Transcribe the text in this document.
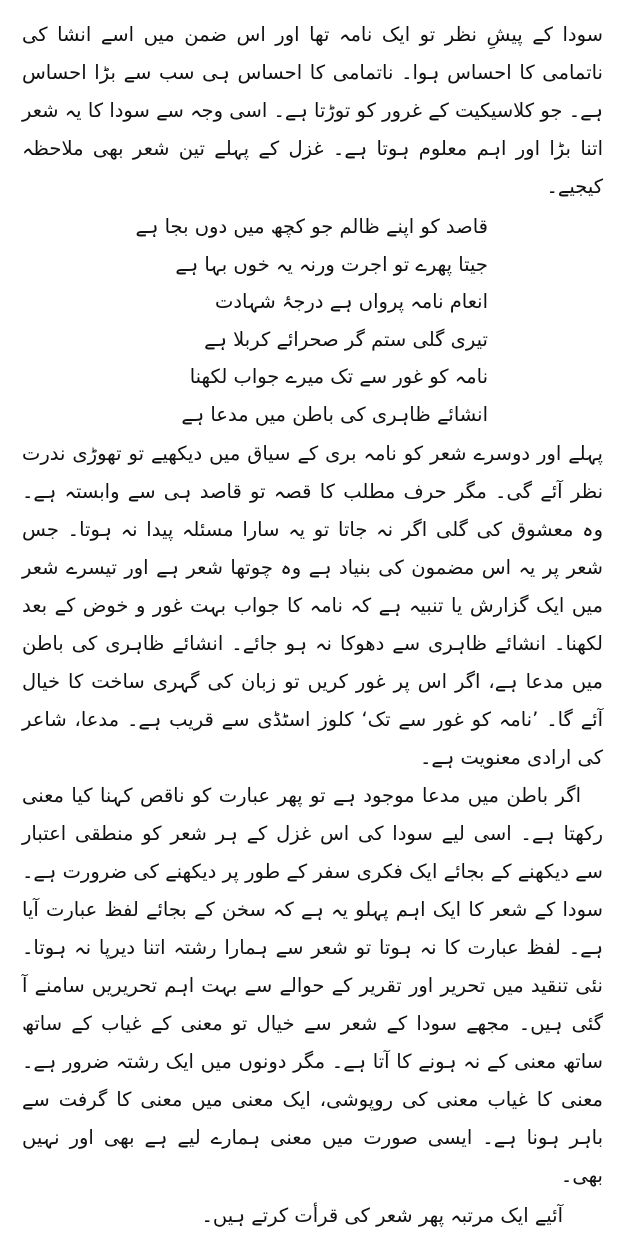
سودا کے پیشِ نظر تو ایک نامہ تھا اور اس ضمن میں اسے انشا کی ناتمامی کا احساس ہوا۔ ناتمامی کا احساس ہی سب سے بڑا احساس ہے۔ جو کلاسیکیت کے غرور کو توڑتا ہے۔ اسی وجہ سے سودا کا یہ شعر اتنا بڑا اور اہم معلوم ہوتا ہے۔ غزل کے پہلے تین شعر بھی ملاحظہ کیجیے۔

قاصد کو اپنے ظالم جو کچھ میں دوں بجا ہے
جیتا پھرے تو اجرت ورنہ یہ خوں بہا ہے
انعام نامہ پرواں ہے درجۂ شہادت
تیری گلی ستم گر صحرائے کربلا ہے
نامہ کو غور سے تک میرے جواب لکھنا
انشائے ظاہری کی باطن میں مدعا ہے

پہلے اور دوسرے شعر کو نامہ بری کے سیاق میں دیکھیے تو تھوڑی ندرت نظر آئے گی۔ مگر حرف مطلب کا قصہ تو قاصد ہی سے وابستہ ہے۔ وہ معشوق کی گلی اگر نہ جاتا تو یہ سارا مسئلہ پیدا نہ ہوتا۔ جس شعر پر یہ اس مضمون کی بنیاد ہے وہ چوتھا شعر ہے اور تیسرے شعر میں ایک گزارش یا تنبیہ ہے کہ نامہ کا جواب بہت غور و خوض کے بعد لکھنا۔ انشائے ظاہری سے دھوکا نہ ہو جائے۔ انشائے ظاہری کی باطن میں مدعا ہے، اگر اس پر غور کریں تو زبان کی گہری ساخت کا خیال آئے گا۔ ’نامہ کو غور سے تک‘ کلوز اسٹڈی سے قریب ہے۔ مدعا، شاعر کی ارادی معنویت ہے۔

اگر باطن میں مدعا موجود ہے تو پھر عبارت کو ناقص کہنا کیا معنی رکھتا ہے۔ اسی لیے سودا کی اس غزل کے ہر شعر کو منطقی اعتبار سے دیکھنے کے بجائے ایک فکری سفر کے طور پر دیکھنے کی ضرورت ہے۔ سودا کے شعر کا ایک اہم پہلو یہ ہے کہ سخن کے بجائے لفظ عبارت آیا ہے۔ لفظ عبارت کا نہ ہوتا تو شعر سے ہمارا رشتہ اتنا دیرپا نہ ہوتا۔ نئی تنقید میں تحریر اور تقریر کے حوالے سے بہت اہم تحریریں سامنے آ گئی ہیں۔ مجھے سودا کے شعر سے خیال تو معنی کے غیاب کے ساتھ ساتھ معنی کے نہ ہونے کا آتا ہے۔ مگر دونوں میں ایک رشتہ ضرور ہے۔ معنی کا غیاب معنی کی روپوشی، ایک معنی میں معنی کا گرفت سے باہر ہونا ہے۔ ایسی صورت میں معنی ہمارے لیے ہے بھی اور نہیں بھی۔

آئیے ایک مرتبہ پھر شعر کی قرأت کرتے ہیں۔
